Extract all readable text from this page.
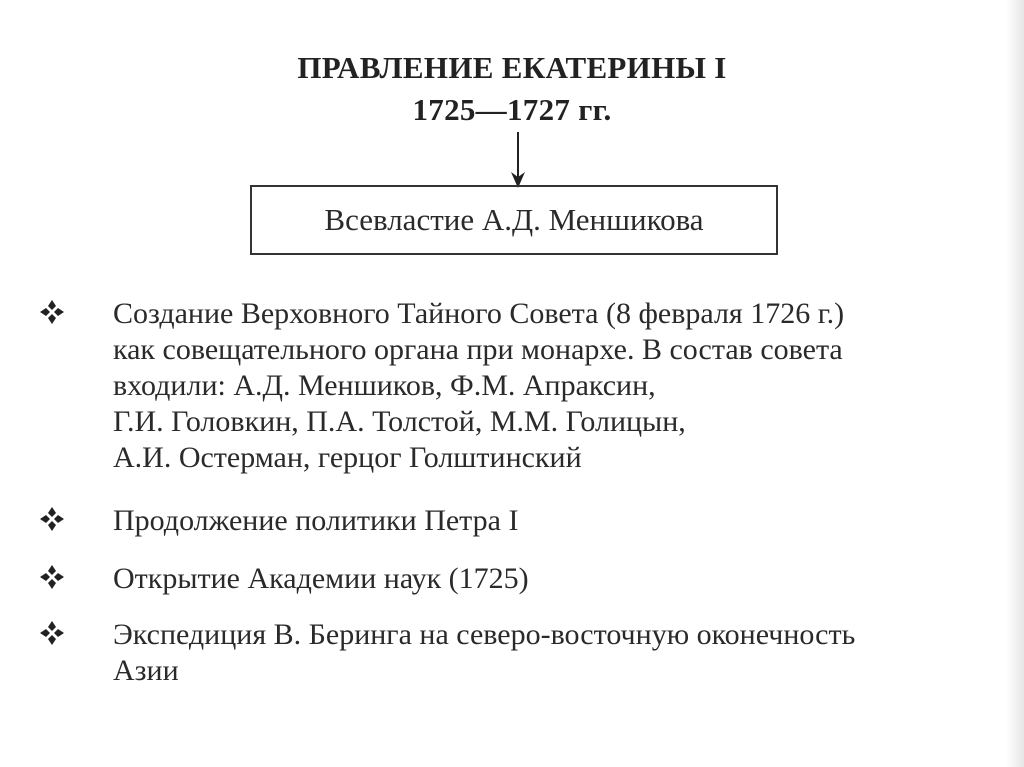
ПРАВЛЕНИЕ ЕКАТЕРИНЫ I
1725—1727 гг.
Всевластие А.Д. Меншикова
Создание Верховного Тайного Совета (8 февраля 1726 г.)
как совещательного органа при монархе. В состав совета
входили: А.Д. Меншиков, Ф.М. Апраксин,
Г.И. Головкин, П.А. Толстой, М.М. Голицын,
А.И. Остерман, герцог Голштинский
Продолжение политики Петра I
Открытие Академии наук (1725)
Экспедиция В. Беринга на северо-восточную оконечность
Азии
